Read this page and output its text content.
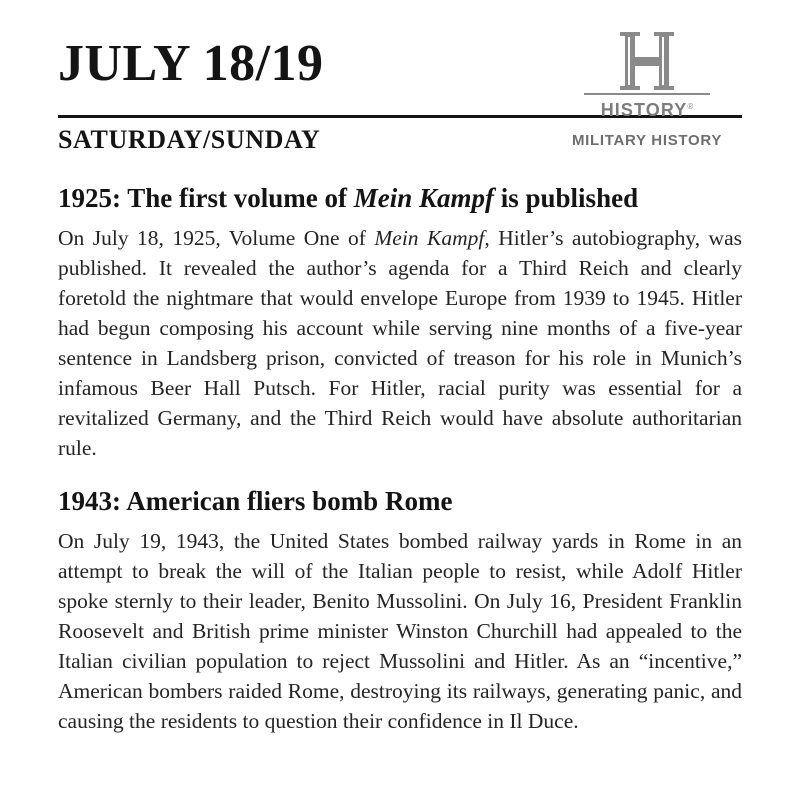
JULY 18/19
SATURDAY/SUNDAY
HISTORY®
MILITARY HISTORY
1925: The first volume of Mein Kampf is published

On July 18, 1925, Volume One of Mein Kampf, Hitler’s autobiography, was published. It revealed the author’s agenda for a Third Reich and clearly foretold the nightmare that would envelope Europe from 1939 to 1945. Hitler had begun composing his account while serving nine months of a five-year sentence in Landsberg prison, convicted of treason for his role in Munich’s infamous Beer Hall Putsch. For Hitler, racial purity was essential for a revitalized Germany, and the Third Reich would have absolute authoritarian rule.

1943: American fliers bomb Rome

On July 19, 1943, the United States bombed railway yards in Rome in an attempt to break the will of the Italian people to resist, while Adolf Hitler spoke sternly to their leader, Benito Mussolini. On July 16, President Franklin Roosevelt and British prime minister Winston Churchill had appealed to the Italian civilian population to reject Mussolini and Hitler. As an “incentive,” American bombers raided Rome, destroying its railways, generating panic, and causing the residents to question their confidence in Il Duce.
